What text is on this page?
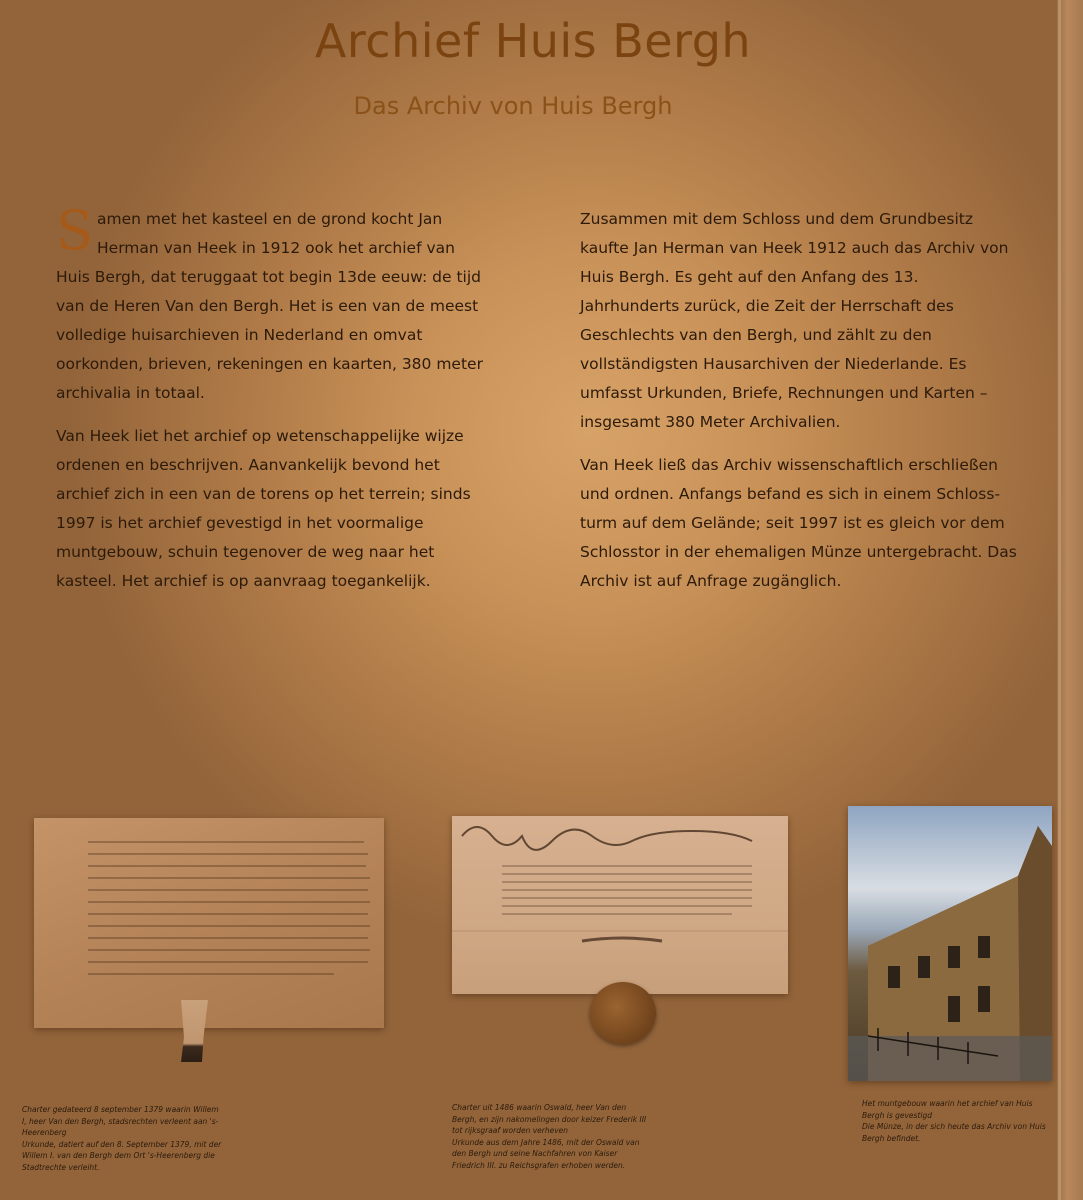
Archief Huis Bergh
Das Archiv von Huis Bergh

Samen met het kasteel en de grond kocht Jan Herman van Heek in 1912 ook het archief van Huis Bergh, dat teruggaat tot begin 13de eeuw: de tijd van de Heren Van den Bergh. Het is een van de meest volledige huisarchieven in Nederland en omvat oorkonden, brieven, rekeningen en kaarten, 380 meter archivalia in totaal.

Van Heek liet het archief op wetenschappelijke wijze ordenen en beschrijven. Aanvankelijk bevond het archief zich in een van de torens op het terrein; sinds 1997 is het archief gevestigd in het voormalige muntgebouw, schuin tegenover de weg naar het kasteel. Het archief is op aanvraag toegankelijk.

Zusammen mit dem Schloss und dem Grundbesitz kaufte Jan Herman van Heek 1912 auch das Archiv von Huis Bergh. Es geht auf den Anfang des 13. Jahrhunderts zurück, die Zeit der Herrschaft des Geschlechts van den Bergh, und zählt zu den vollständigsten Hausarchiven der Niederlande. Es umfasst Urkunden, Briefe, Rechnungen und Karten – insgesamt 380 Meter Archivalien.

Van Heek ließ das Archiv wissenschaftlich erschließen und ordnen. Anfangs befand es sich in einem Schloss-turm auf dem Gelände; seit 1997 ist es gleich vor dem Schlosstor in der ehemaligen Münze untergebracht. Das Archiv ist auf Anfrage zugänglich.

Charter gedateerd 8 september 1379 waarin Willem I, heer Van den Bergh, stadsrechten verleent aan 's-Heerenberg
Urkunde, datiert auf den 8. September 1379, mit der Willem I. van den Bergh dem Ort 's-Heerenberg die Stadtrechte verleiht.
Charter uit 1486 waarin Oswald, heer Van den Bergh, en zijn nakomelingen door keizer Frederik III tot rijksgraaf worden verheven
Urkunde aus dem Jahre 1486, mit der Oswald van den Bergh und seine Nachfahren von Kaiser Friedrich III. zu Reichsgrafen erhoben werden.
Het muntgebouw waarin het archief van Huis Bergh is gevestigd
Die Münze, in der sich heute das Archiv von Huis Bergh befindet.
